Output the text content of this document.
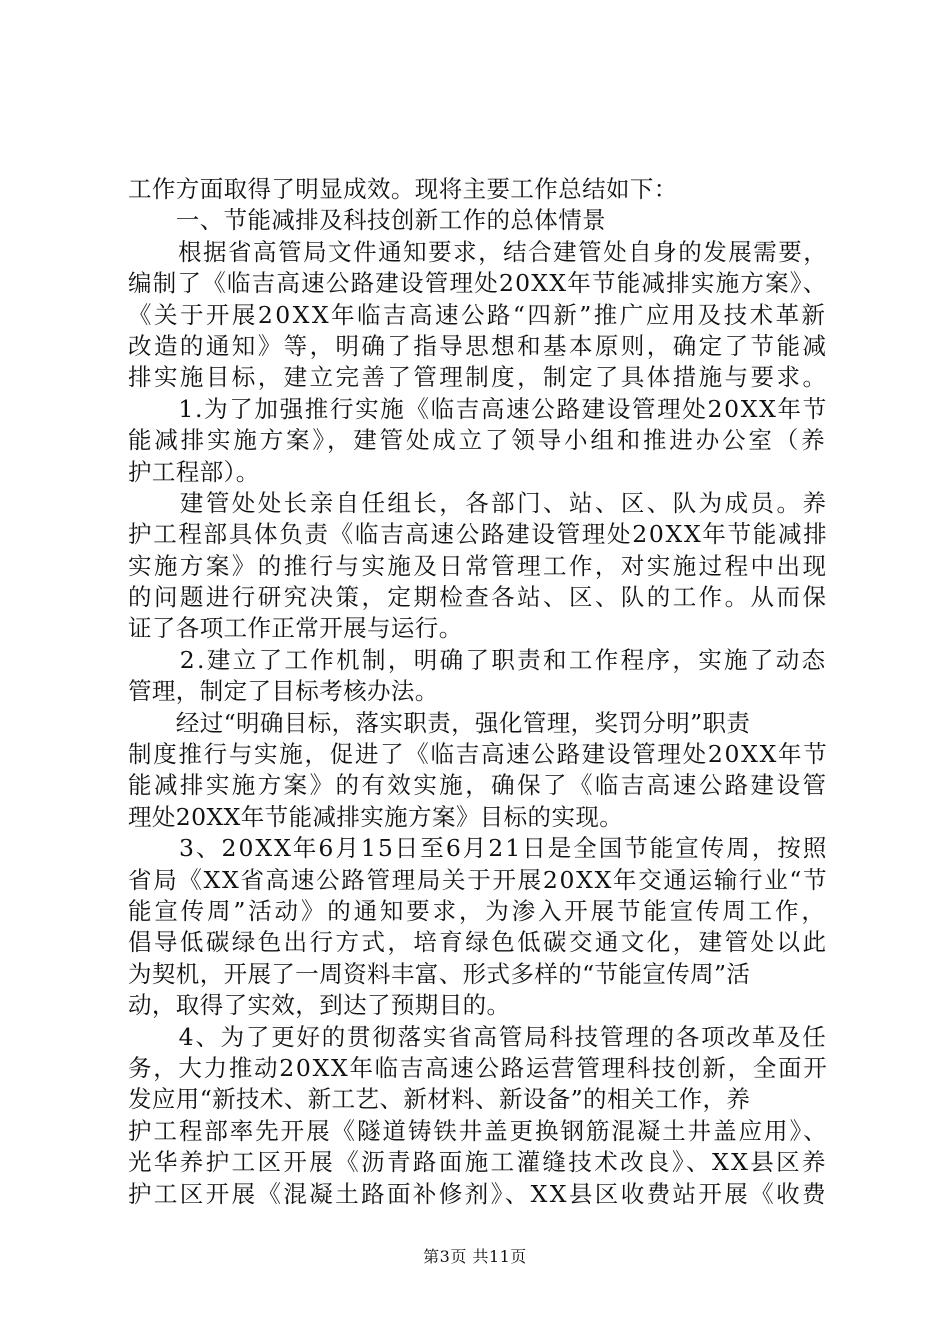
工作方面取得了明显成效。现将主要工作总结如下：
　　一、节能减排及科技创新工作的总体情景
　　根据省高管局文件通知要求，结合建管处自身的发展需要，
编制了《临吉高速公路建设管理处20XX年节能减排实施方案》、
《关于开展20XX年临吉高速公路“四新”推广应用及技术革新
改造的通知》等，明确了指导思想和基本原则，确定了节能减
排实施目标，建立完善了管理制度，制定了具体措施与要求。
　　1.为了加强推行实施《临吉高速公路建设管理处20XX年节
能减排实施方案》，建管处成立了领导小组和推进办公室（养
护工程部）。
　　建管处处长亲自任组长，各部门、站、区、队为成员。养
护工程部具体负责《临吉高速公路建设管理处20XX年节能减排
实施方案》的推行与实施及日常管理工作，对实施过程中出现
的问题进行研究决策，定期检查各站、区、队的工作。从而保
证了各项工作正常开展与运行。
　　2.建立了工作机制，明确了职责和工作程序，实施了动态
管理，制定了目标考核办法。
　　经过“明确目标，落实职责，强化管理，奖罚分明”职责
制度推行与实施，促进了《临吉高速公路建设管理处20XX年节
能减排实施方案》的有效实施，确保了《临吉高速公路建设管
理处20XX年节能减排实施方案》目标的实现。
　　3、20XX年6月15日至6月21日是全国节能宣传周，按照
省局《XX省高速公路管理局关于开展20XX年交通运输行业“节
能宣传周”活动》的通知要求，为渗入开展节能宣传周工作，
倡导低碳绿色出行方式，培育绿色低碳交通文化，建管处以此
为契机，开展了一周资料丰富、形式多样的“节能宣传周”活
动，取得了实效，到达了预期目的。
　　4、为了更好的贯彻落实省高管局科技管理的各项改革及任
务，大力推动20XX年临吉高速公路运营管理科技创新，全面开
发应用“新技术、新工艺、新材料、新设备”的相关工作，养
护工程部率先开展《隧道铸铁井盖更换钢筋混凝土井盖应用》、
光华养护工区开展《沥青路面施工灌缝技术改良》、XX县区养
护工区开展《混凝土路面补修剂》、XX县区收费站开展《收费
第3页 共11页
